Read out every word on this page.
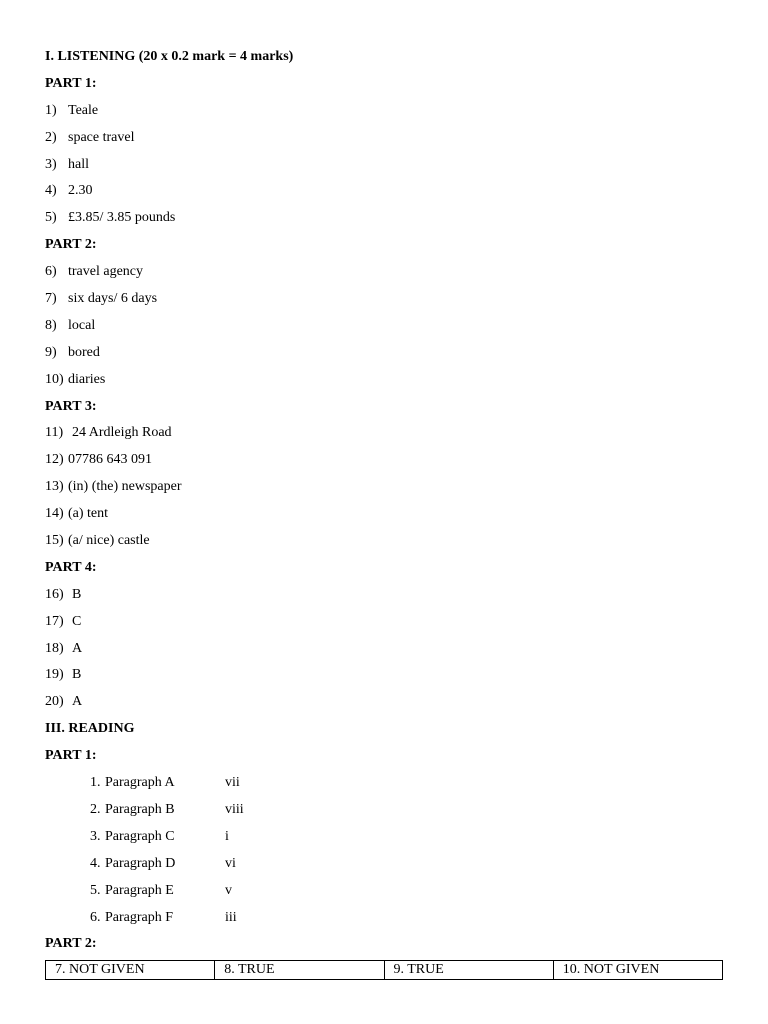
I. LISTENING (20 x 0.2 mark = 4 marks)
PART 1:
1) Teale
2) space travel
3) hall
4) 2.30
5) £3.85/ 3.85 pounds
PART 2:
6) travel agency
7) six days/ 6 days
8) local
9) bored
10) diaries
PART 3:
11) 24 Ardleigh Road
12) 07786 643 091
13) (in) (the) newspaper
14) (a) tent
15) (a/ nice) castle
PART 4:
16) B
17) C
18) A
19) B
20) A
III. READING
PART 1:
1. Paragraph A	vii
2. Paragraph B	viii
3. Paragraph C	i
4. Paragraph D	vi
5. Paragraph E	v
6. Paragraph F	iii
PART 2:
7. NOT GIVEN	8. TRUE	9. TRUE	10. NOT GIVEN
